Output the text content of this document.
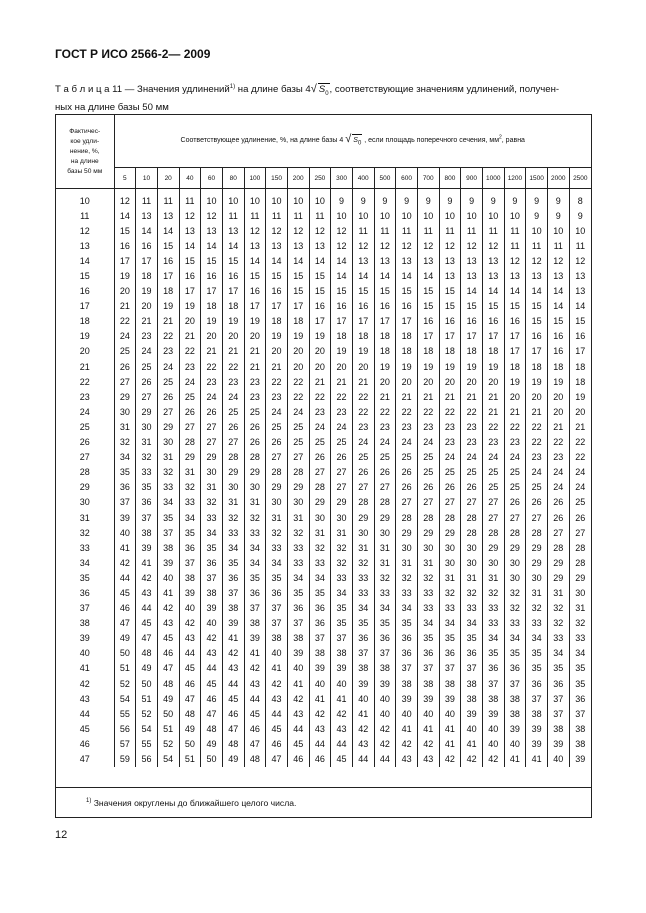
ГОСТ Р ИСО 2566-2— 2009
Т а б л и ц а 11 — Значения удлинений$^{1)}$ на длине базы 4√ $S_0$, соответствующие значениям удлинений, получен-
ных на длине базы 50 мм
Фактичес-
кое удли-
нение, %,
на длине
базы 50 мм	Соответствующее удлинение, %, на длине базы 4 √ $S_0$ , если площадь поперечного сечения, $мм^2$, равна																					
	5	10	20	40	60	80	100	150	200	250	300	400	500	600	700	800	900	1000	1200	1500	2000	2500

10	12	11	11	11	10	10	10	10	10	10	9	9	9	9	9	9	9	9	9	9	9	8
11	14	13	13	12	12	11	11	11	11	11	10	10	10	10	10	10	10	10	10	9	9	9
12	15	14	14	13	13	13	12	12	12	12	12	11	11	11	11	11	11	11	11	10	10	10
13	16	16	15	14	14	14	13	13	13	13	12	12	12	12	12	12	12	12	11	11	11	11
14	17	17	16	15	15	15	14	14	14	14	14	13	13	13	13	13	13	13	12	12	12	12
15	19	18	17	16	16	16	15	15	15	15	14	14	14	14	14	13	13	13	13	13	13	13
16	20	19	18	17	17	17	16	16	15	15	15	15	15	15	15	15	14	14	14	14	14	13
17	21	20	19	19	18	18	17	17	17	16	16	16	16	16	15	15	15	15	15	15	14	14
18	22	21	21	20	19	19	19	18	18	17	17	17	17	17	16	16	16	16	16	15	15	15
19	24	23	22	21	20	20	20	19	19	19	18	18	18	18	17	17	17	17	17	16	16	16
20	25	24	23	22	21	21	21	20	20	20	19	19	18	18	18	18	18	18	17	17	16	17
21	26	25	24	23	22	22	21	21	20	20	20	20	19	19	19	19	19	19	18	18	18	18
22	27	26	25	24	23	23	23	22	22	21	21	21	20	20	20	20	20	20	19	19	19	18
23	29	27	26	25	24	24	23	23	22	22	22	22	21	21	21	21	21	21	20	20	20	19
24	30	29	27	26	26	25	25	24	24	23	23	22	22	22	22	22	22	21	21	21	20	20
25	31	30	29	27	27	26	26	25	25	24	24	23	23	23	23	23	23	22	22	22	21	21
26	32	31	30	28	27	27	26	26	25	25	25	24	24	24	24	23	23	23	23	22	22	22
27	34	32	31	29	29	28	28	27	27	26	26	25	25	25	25	24	24	24	24	23	23	22
28	35	33	32	31	30	29	29	28	28	27	27	26	26	26	25	25	25	25	25	24	24	24
29	36	35	33	32	31	30	30	29	29	28	27	27	27	26	26	26	26	25	25	25	24	24
30	37	36	34	33	32	31	31	30	30	29	29	28	28	27	27	27	27	27	26	26	26	25
31	39	37	35	34	33	32	32	31	31	30	30	29	29	28	28	28	28	27	27	27	26	26
32	40	38	37	35	34	33	33	32	32	31	31	30	30	29	29	29	28	28	28	28	27	27
33	41	39	38	36	35	34	34	33	33	32	32	31	31	30	30	30	30	29	29	29	28	28
34	42	41	39	37	36	35	34	34	33	33	32	32	31	31	31	30	30	30	30	29	29	28
35	44	42	40	38	37	36	35	35	34	34	33	33	32	32	32	31	31	31	30	30	29	29
36	45	43	41	39	38	37	36	36	35	35	34	33	33	33	33	32	32	32	32	31	31	30
37	46	44	42	40	39	38	37	37	36	36	35	34	34	34	33	33	33	33	32	32	32	31
38	47	45	43	42	40	39	38	37	37	36	35	35	35	35	34	34	34	33	33	33	32	32
39	49	47	45	43	42	41	39	38	38	37	37	36	36	36	35	35	35	34	34	34	33	33
40	50	48	46	44	43	42	41	40	39	38	38	37	37	36	36	36	36	35	35	35	34	34
41	51	49	47	45	44	43	42	41	40	39	39	38	38	37	37	37	37	36	36	35	35	35
42	52	50	48	46	45	44	43	42	41	40	40	39	39	38	38	38	38	37	37	36	36	35
43	54	51	49	47	46	45	44	43	42	41	41	40	40	39	39	39	38	38	38	37	37	36
44	55	52	50	48	47	46	45	44	43	42	42	41	40	40	40	40	39	39	38	38	37	37
45	56	54	51	49	48	47	46	45	44	43	43	42	42	41	41	41	40	40	39	39	38	38
46	57	55	52	50	49	48	47	46	45	44	44	43	42	42	42	41	41	40	40	39	39	38
47	59	56	54	51	50	49	48	47	46	46	45	44	44	43	43	42	42	42	41	41	40	39
$^{1)}$ Значения округлены до ближайшего целого числа.
12
